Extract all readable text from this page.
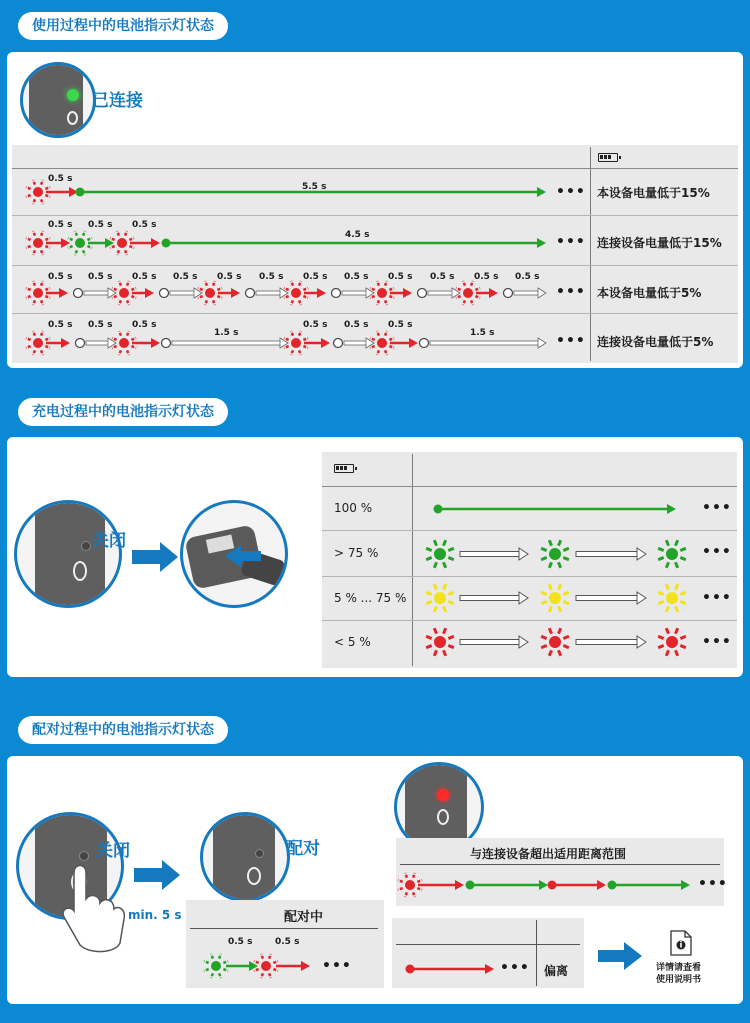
使用过程中的电池指示灯状态
已连接
本设备电量低于15%
连接设备电量低于15%
本设备电量低于5%
连接设备电量低于5%
•••
•••
•••
•••
0.5 s
5.5 s
0.5 s 0.5 s 0.5 s
4.5 s
0.5 s 0.5 s 0.5 s 0.5 s 0.5 s 0.5 s 0.5 s 0.5 s 0.5 s 0.5 s 0.5 s 0.5 s
0.5 s 0.5 s 0.5 s
1.5 s
0.5 s 0.5 s 0.5 s
1.5 s
充电过程中的电池指示灯状态
关闭
100 %
> 75 %
5 % ... 75 %
< 5 %
•••
•••
•••
•••
配对过程中的电池指示灯状态
关闭
min. 5 s
配对
配对中
0.5 s	0.5 s
•••
与连接设备超出适用距离范围
•••
••• 偏离	详情请查看
使用说明书
